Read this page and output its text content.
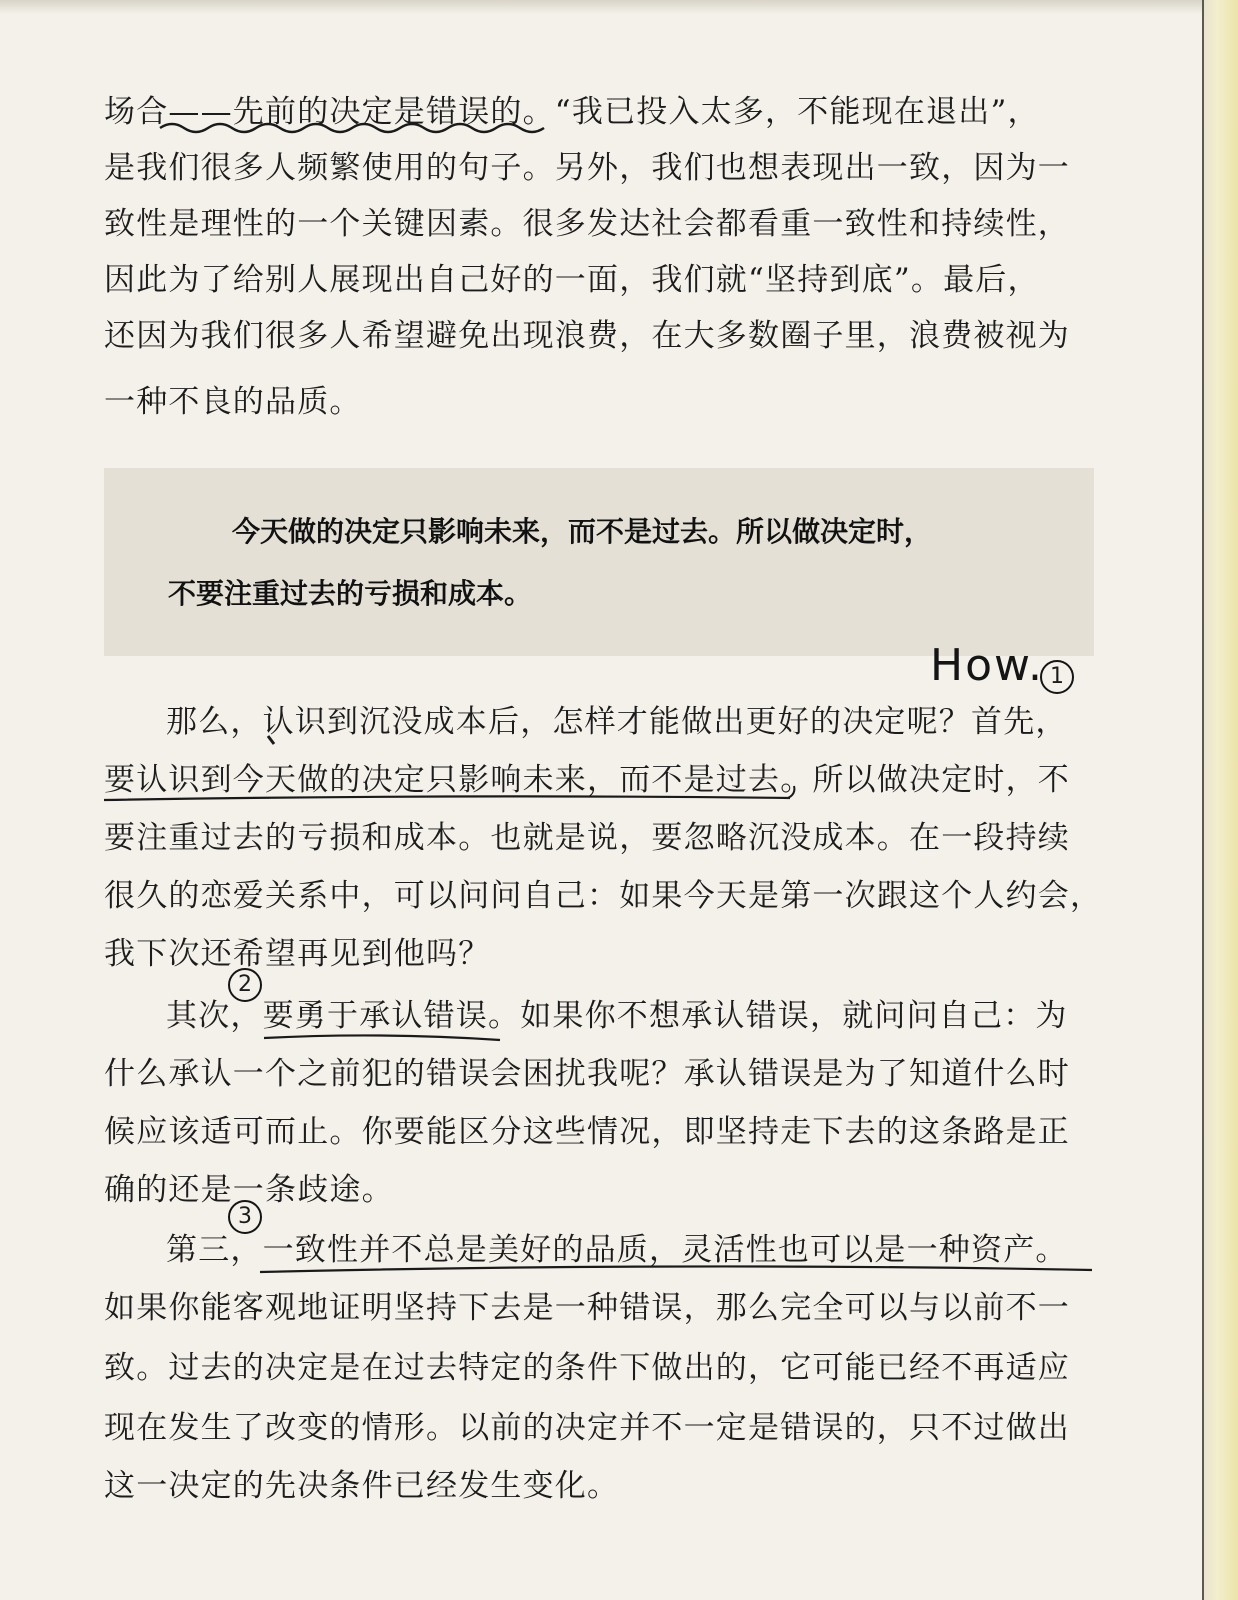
场合——先前的决定是错误的。“我已投入太多，不能现在退出”，
是我们很多人频繁使用的句子。另外，我们也想表现出一致，因为一
致性是理性的一个关键因素。很多发达社会都看重一致性和持续性，
因此为了给别人展现出自己好的一面，我们就“坚持到底”。最后，
还因为我们很多人希望避免出现浪费，在大多数圈子里，浪费被视为
一种不良的品质。
今天做的决定只影响未来，而不是过去。所以做决定时，
不要注重过去的亏损和成本。
How. 1
那么，认识到沉没成本后，怎样才能做出更好的决定呢？首先，
要认识到今天做的决定只影响未来，而不是过去。所以做决定时，不
要注重过去的亏损和成本。也就是说，要忽略沉没成本。在一段持续
很久的恋爱关系中，可以问问自己：如果今天是第一次跟这个人约会，
我下次还希望再见到他吗？
2
其次，要勇于承认错误。如果你不想承认错误，就问问自己：为
什么承认一个之前犯的错误会困扰我呢？承认错误是为了知道什么时
候应该适可而止。你要能区分这些情况，即坚持走下去的这条路是正
确的还是一条歧途。
3
第三，一致性并不总是美好的品质，灵活性也可以是一种资产。
如果你能客观地证明坚持下去是一种错误，那么完全可以与以前不一
致。过去的决定是在过去特定的条件下做出的，它可能已经不再适应
现在发生了改变的情形。以前的决定并不一定是错误的，只不过做出
这一决定的先决条件已经发生变化。
